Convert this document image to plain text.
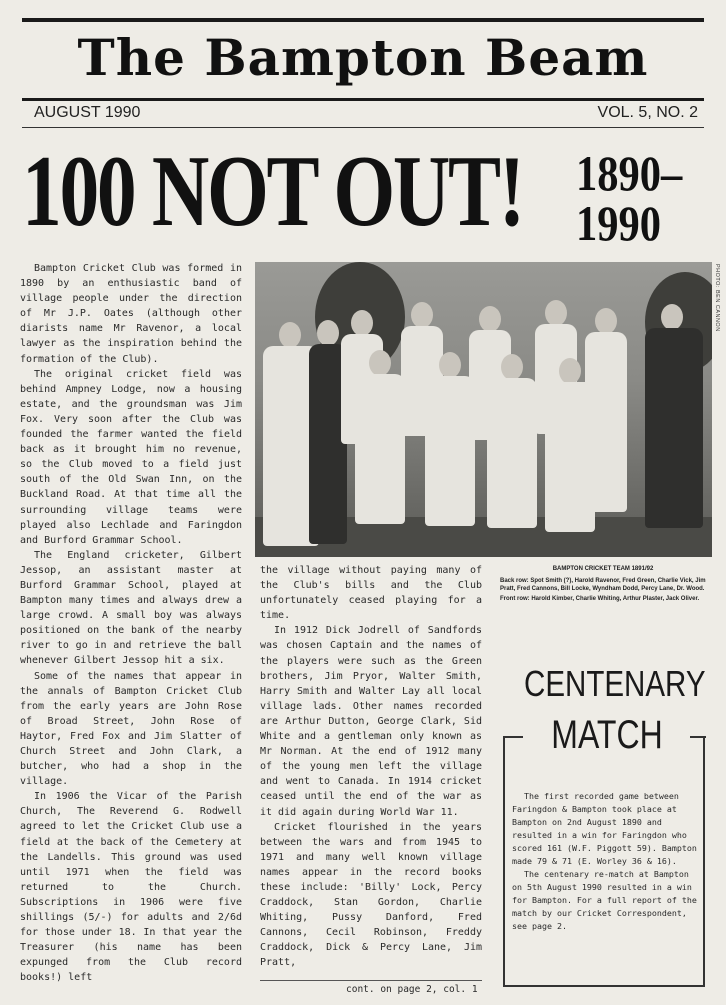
The Bampton Beam
AUGUST 1990	VOL. 5, NO. 2
100 NOT OUT! 1890–1990

Bampton Cricket Club was formed in 1890 by an enthusiastic band of village people under the direction of Mr J.P. Oates (although other diarists name Mr Ravenor, a local lawyer as the inspiration behind the formation of the Club).

The original cricket field was behind Ampney Lodge, now a housing estate, and the groundsman was Jim Fox. Very soon after the Club was founded the farmer wanted the field back as it brought him no revenue, so the Club moved to a field just south of the Old Swan Inn, on the Buckland Road. At that time all the surrounding village teams were played also Lechlade and Faringdon and Burford Grammar School.

The England cricketer, Gilbert Jessop, an assistant master at Burford Grammar School, played at Bampton many times and always drew a large crowd. A small boy was always positioned on the bank of the nearby river to go in and retrieve the ball whenever Gilbert Jessop hit a six.

Some of the names that appear in the annals of Bampton Cricket Club from the early years are John Rose of Broad Street, John Rose of Haytor, Fred Fox and Jim Slatter of Church Street and John Clark, a butcher, who had a shop in the village.

In 1906 the Vicar of the Parish Church, The Reverend G. Rodwell agreed to let the Cricket Club use a field at the back of the Cemetery at the Landells. This ground was used until 1971 when the field was returned to the Church. Subscriptions in 1906 were five shillings (5/-) for adults and 2/6d for those under 18. In that year the Treasurer (his name has been expunged from the Club record books!) left

PHOTO: BEN CANNON

the village without paying many of the Club's bills and the Club unfortunately ceased playing for a time.

In 1912 Dick Jodrell of Sandfords was chosen Captain and the names of the players were such as the Green brothers, Jim Pryor, Walter Smith, Harry Smith and Walter Lay all local village lads. Other names recorded are Arthur Dutton, George Clark, Sid White and a gentleman only known as Mr Norman. At the end of 1912 many of the young men left the village and went to Canada. In 1914 cricket ceased until the end of the war as it did again during World War 11.

Cricket flourished in the years between the wars and from 1945 to 1971 and many well known village names appear in the record books these include: 'Billy' Lock, Percy Craddock, Stan Gordon, Charlie Whiting, Pussy Danford, Fred Cannons, Cecil Robinson, Freddy Craddock, Dick & Percy Lane, Jim Pratt,

cont. on page 2, col. 1
BAMPTON CRICKET TEAM 1891/92

Back row: Spot Smith (?), Harold Ravenor, Fred Green, Charlie Vick, Jim Pratt, Fred Cannons, Bill Locke, Wyndham Dodd, Percy Lane, Dr. Wood.

Front row: Harold Kimber, Charlie Whiting, Arthur Plaster, Jack Oliver.

CENTENARY
MATCH

The first recorded game between Faringdon & Bampton took place at Bampton on 2nd August 1890 and resulted in a win for Faringdon who scored 161 (W.F. Piggott 59). Bampton made 79 & 71 (E. Worley 36 & 16).

The centenary re-match at Bampton on 5th August 1990 resulted in a win for Bampton. For a full report of the match by our Cricket Correspondent, see page 2.
